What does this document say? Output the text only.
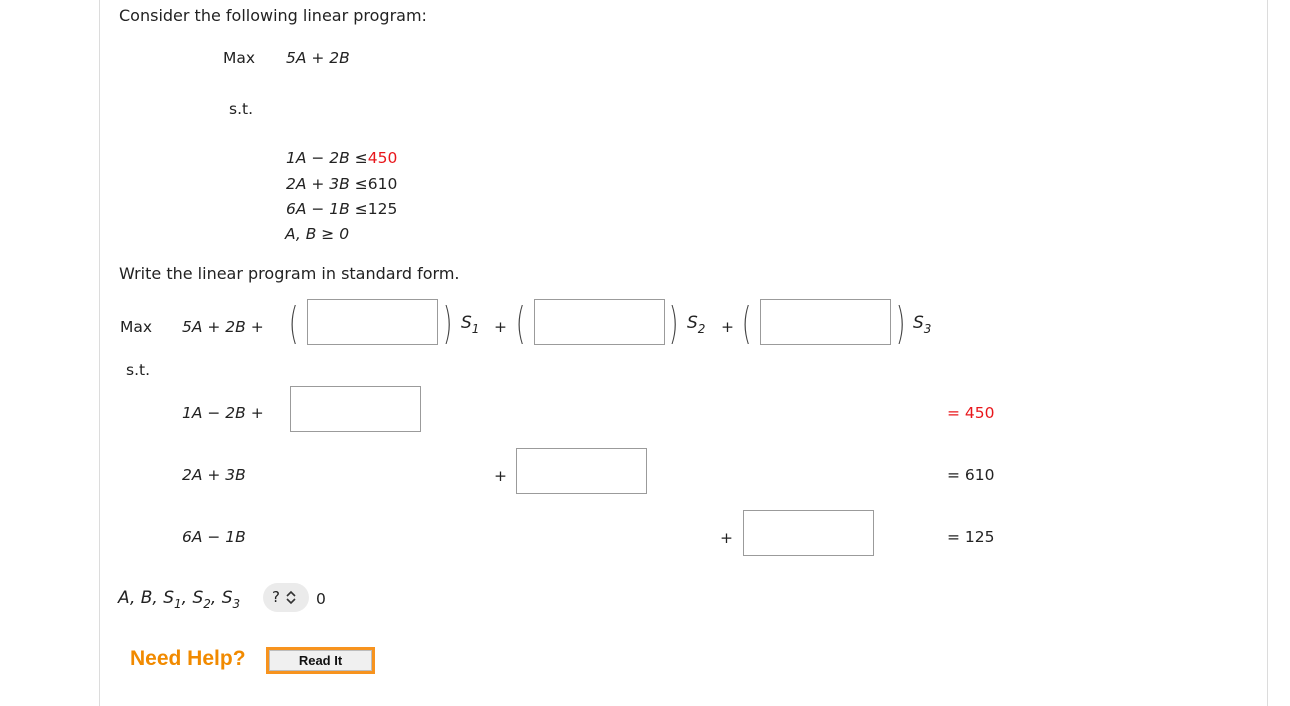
Consider the following linear program:
Max 5A + 2B
s.t.
1A − 2B ≤450
2A + 3B ≤610
6A − 1B ≤125
A, B ≥ 0
Write the linear program in standard form.
Max 5A + 2B + (	) $S_1$ + (	) $S_2$ + (	) $S_3$
s.t.
1A − 2B +	= 450
2A + 3B	+	= 610
6A − 1B	+	= 125
A, B, $S_1$, $S_2$, $S_3$	?	0
Need Help?	Read It
